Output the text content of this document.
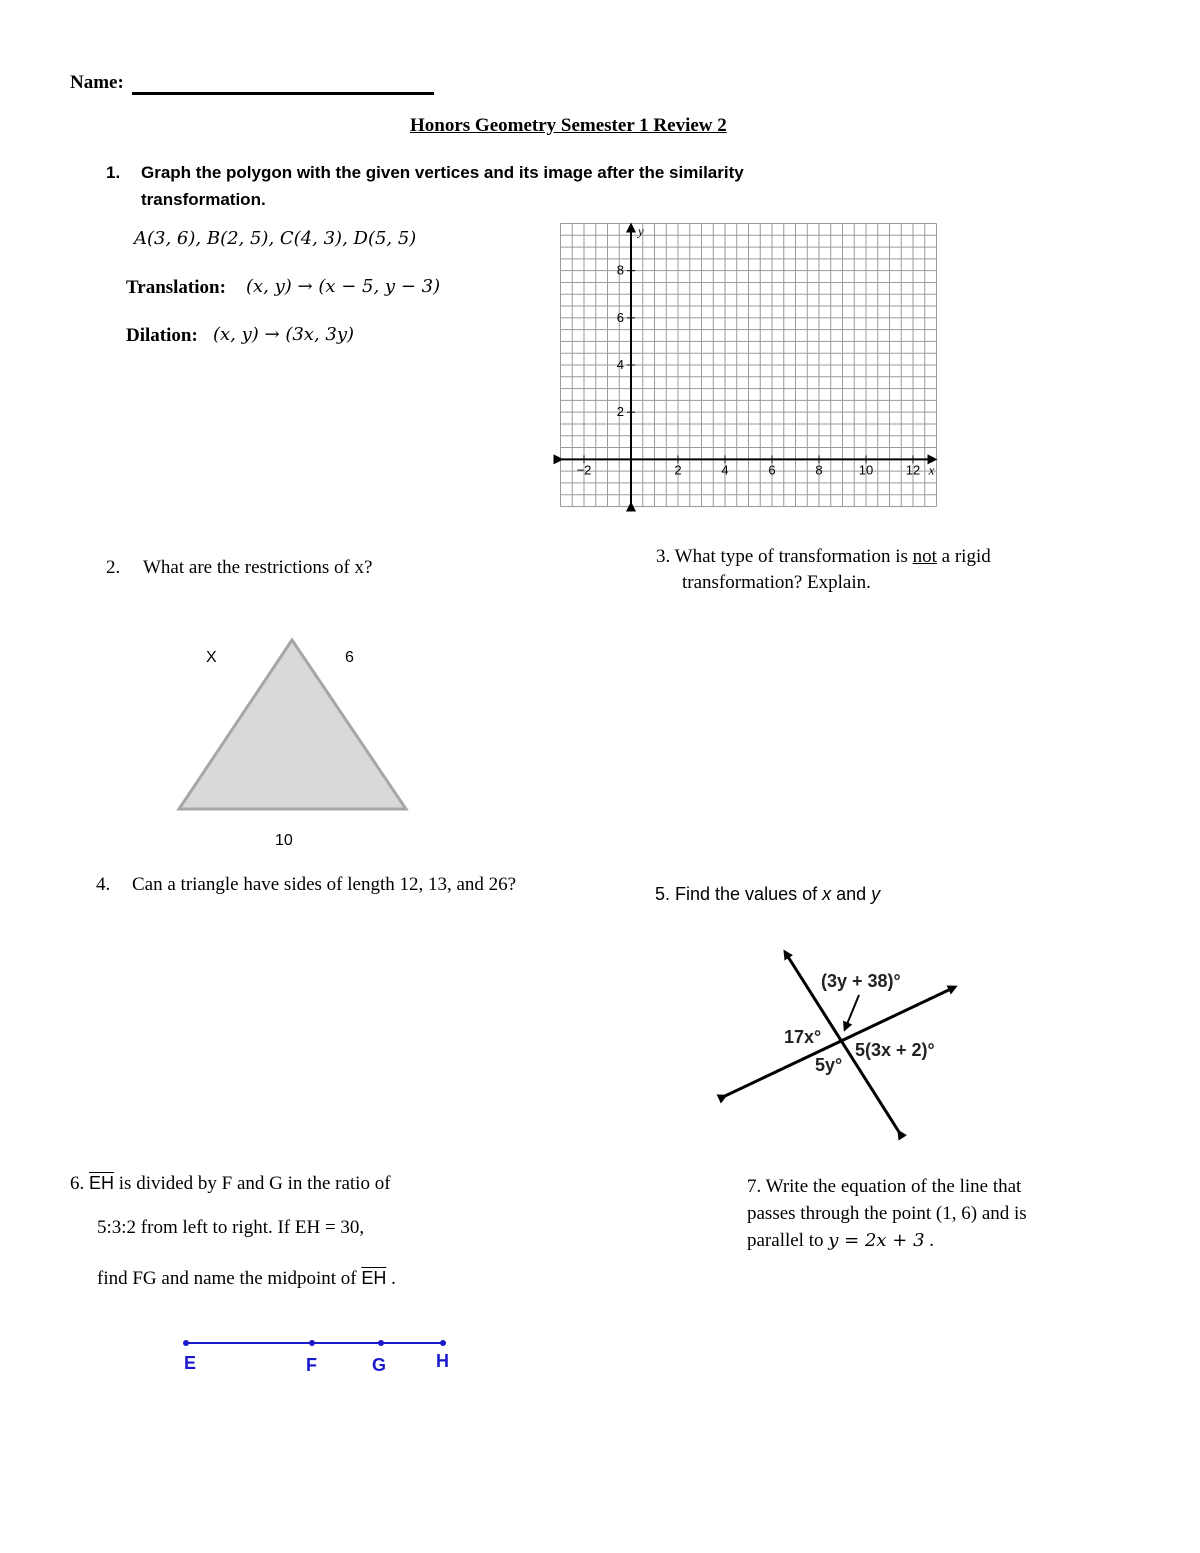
Name:
Honors Geometry Semester 1 Review 2
1. Graph the polygon with the given vertices and its image after the similarity
transformation.
A(3, 6), B(2, 5), C(4, 3), D(5, 5)
Translation: (x, y) → (x − 5, y − 3)
Dilation: (x, y) → (3x, 3y)
−2	2	4	6	8	10	12
2
4
6
8
x
y
2. What are the restrictions of x?
X	6
10
3. What type of transformation is not a rigid
transformation? Explain.
4. Can a triangle have sides of length 12, 13, and 26?	5. Find the values of x and y
(3y + 38)°
17x°
5y°
5(3x + 2)°
6. $\overline{EH}$ is divided by F and G in the ratio of
5:3:2 from left to right. If EH = 30,
find FG and name the midpoint of $\overline{EH}$ .
E	F	G	H
7. Write the equation of the line that
passes through the point (1, 6) and is
parallel to y = 2x + 3 .
